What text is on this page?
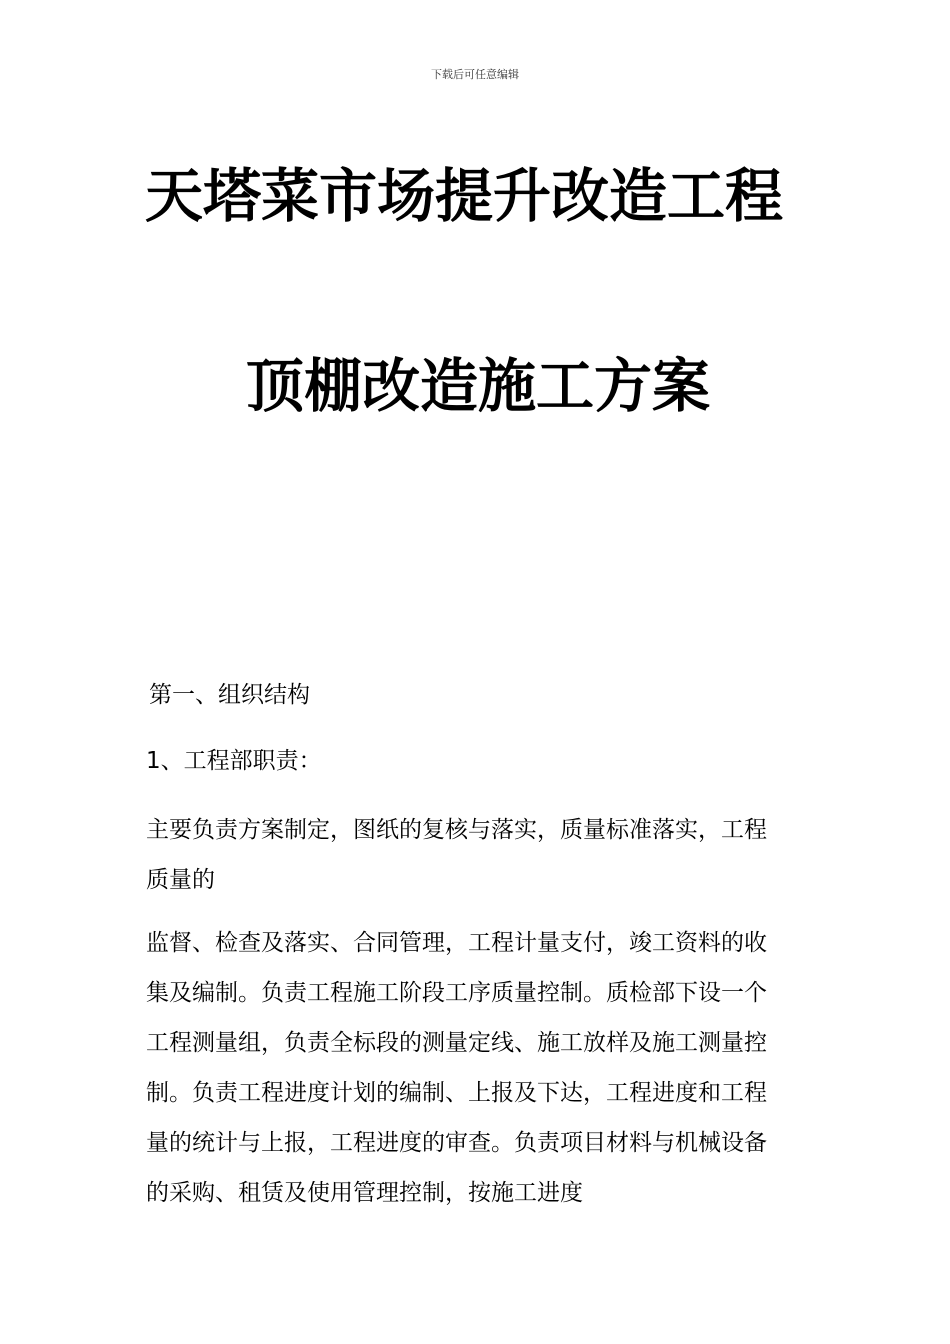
下载后可任意编辑
天塔菜市场提升改造工程
顶棚改造施工方案
第一、组织结构
1、工程部职责：
主要负责方案制定，图纸的复核与落实，质量标准落实，工程
质量的
监督、检查及落实、合同管理，工程计量支付，竣工资料的收
集及编制。负责工程施工阶段工序质量控制。质检部下设一个
工程测量组，负责全标段的测量定线、施工放样及施工测量控
制。负责工程进度计划的编制、上报及下达，工程进度和工程
量的统计与上报，工程进度的审查。负责项目材料与机械设备
的采购、租赁及使用管理控制，按施工进度
